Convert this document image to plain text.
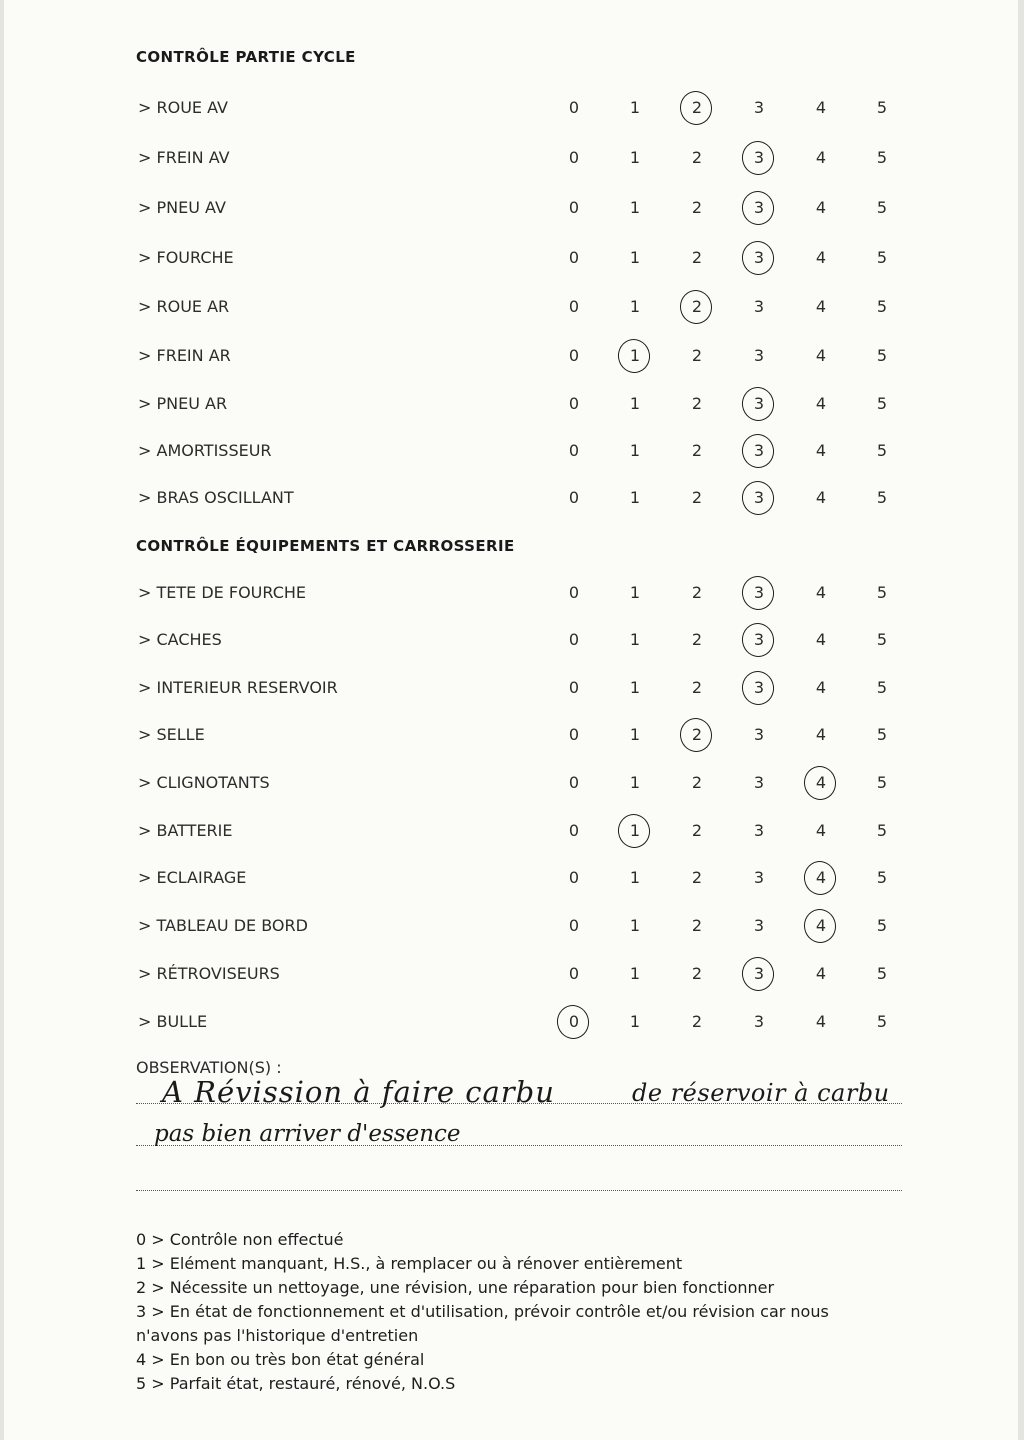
CONTRÔLE PARTIE CYCLE
> ROUE AV	0	1	2	3	4	5
> FREIN AV	0	1	2	3	4	5
> PNEU AV	0	1	2	3	4	5
> FOURCHE	0	1	2	3	4	5
> ROUE AR	0	1	2	3	4	5
> FREIN AR	0	1	2	3	4	5
> PNEU AR	0	1	2	3	4	5
> AMORTISSEUR	0	1	2	3	4	5
> BRAS OSCILLANT	0	1	2	3	4	5
CONTRÔLE ÉQUIPEMENTS ET CARROSSERIE
> TETE DE FOURCHE	0	1	2	3	4	5
> CACHES	0	1	2	3	4	5
> INTERIEUR RESERVOIR	0	1	2	3	4	5
> SELLE	0	1	2	3	4	5
> CLIGNOTANTS	0	1	2	3	4	5
> BATTERIE	0	1	2	3	4	5
> ECLAIRAGE	0	1	2	3	4	5
> TABLEAU DE BORD	0	1	2	3	4	5
> RÉTROVISEURS	0	1	2	3	4	5
> BULLE	0	1	2	3	4	5
OBSERVATION(S) :
A Révission à faire carbu	de réservoir à carbu
pas bien arriver d'essence
0 > Contrôle non effectué
1 > Elément manquant, H.S., à remplacer ou à rénover entièrement
2 > Nécessite un nettoyage, une révision, une réparation pour bien fonctionner
3 > En état de fonctionnement et d'utilisation, prévoir contrôle et/ou révision car nous
n'avons pas l'historique d'entretien
4 > En bon ou très bon état général
5 > Parfait état, restauré, rénové, N.O.S
